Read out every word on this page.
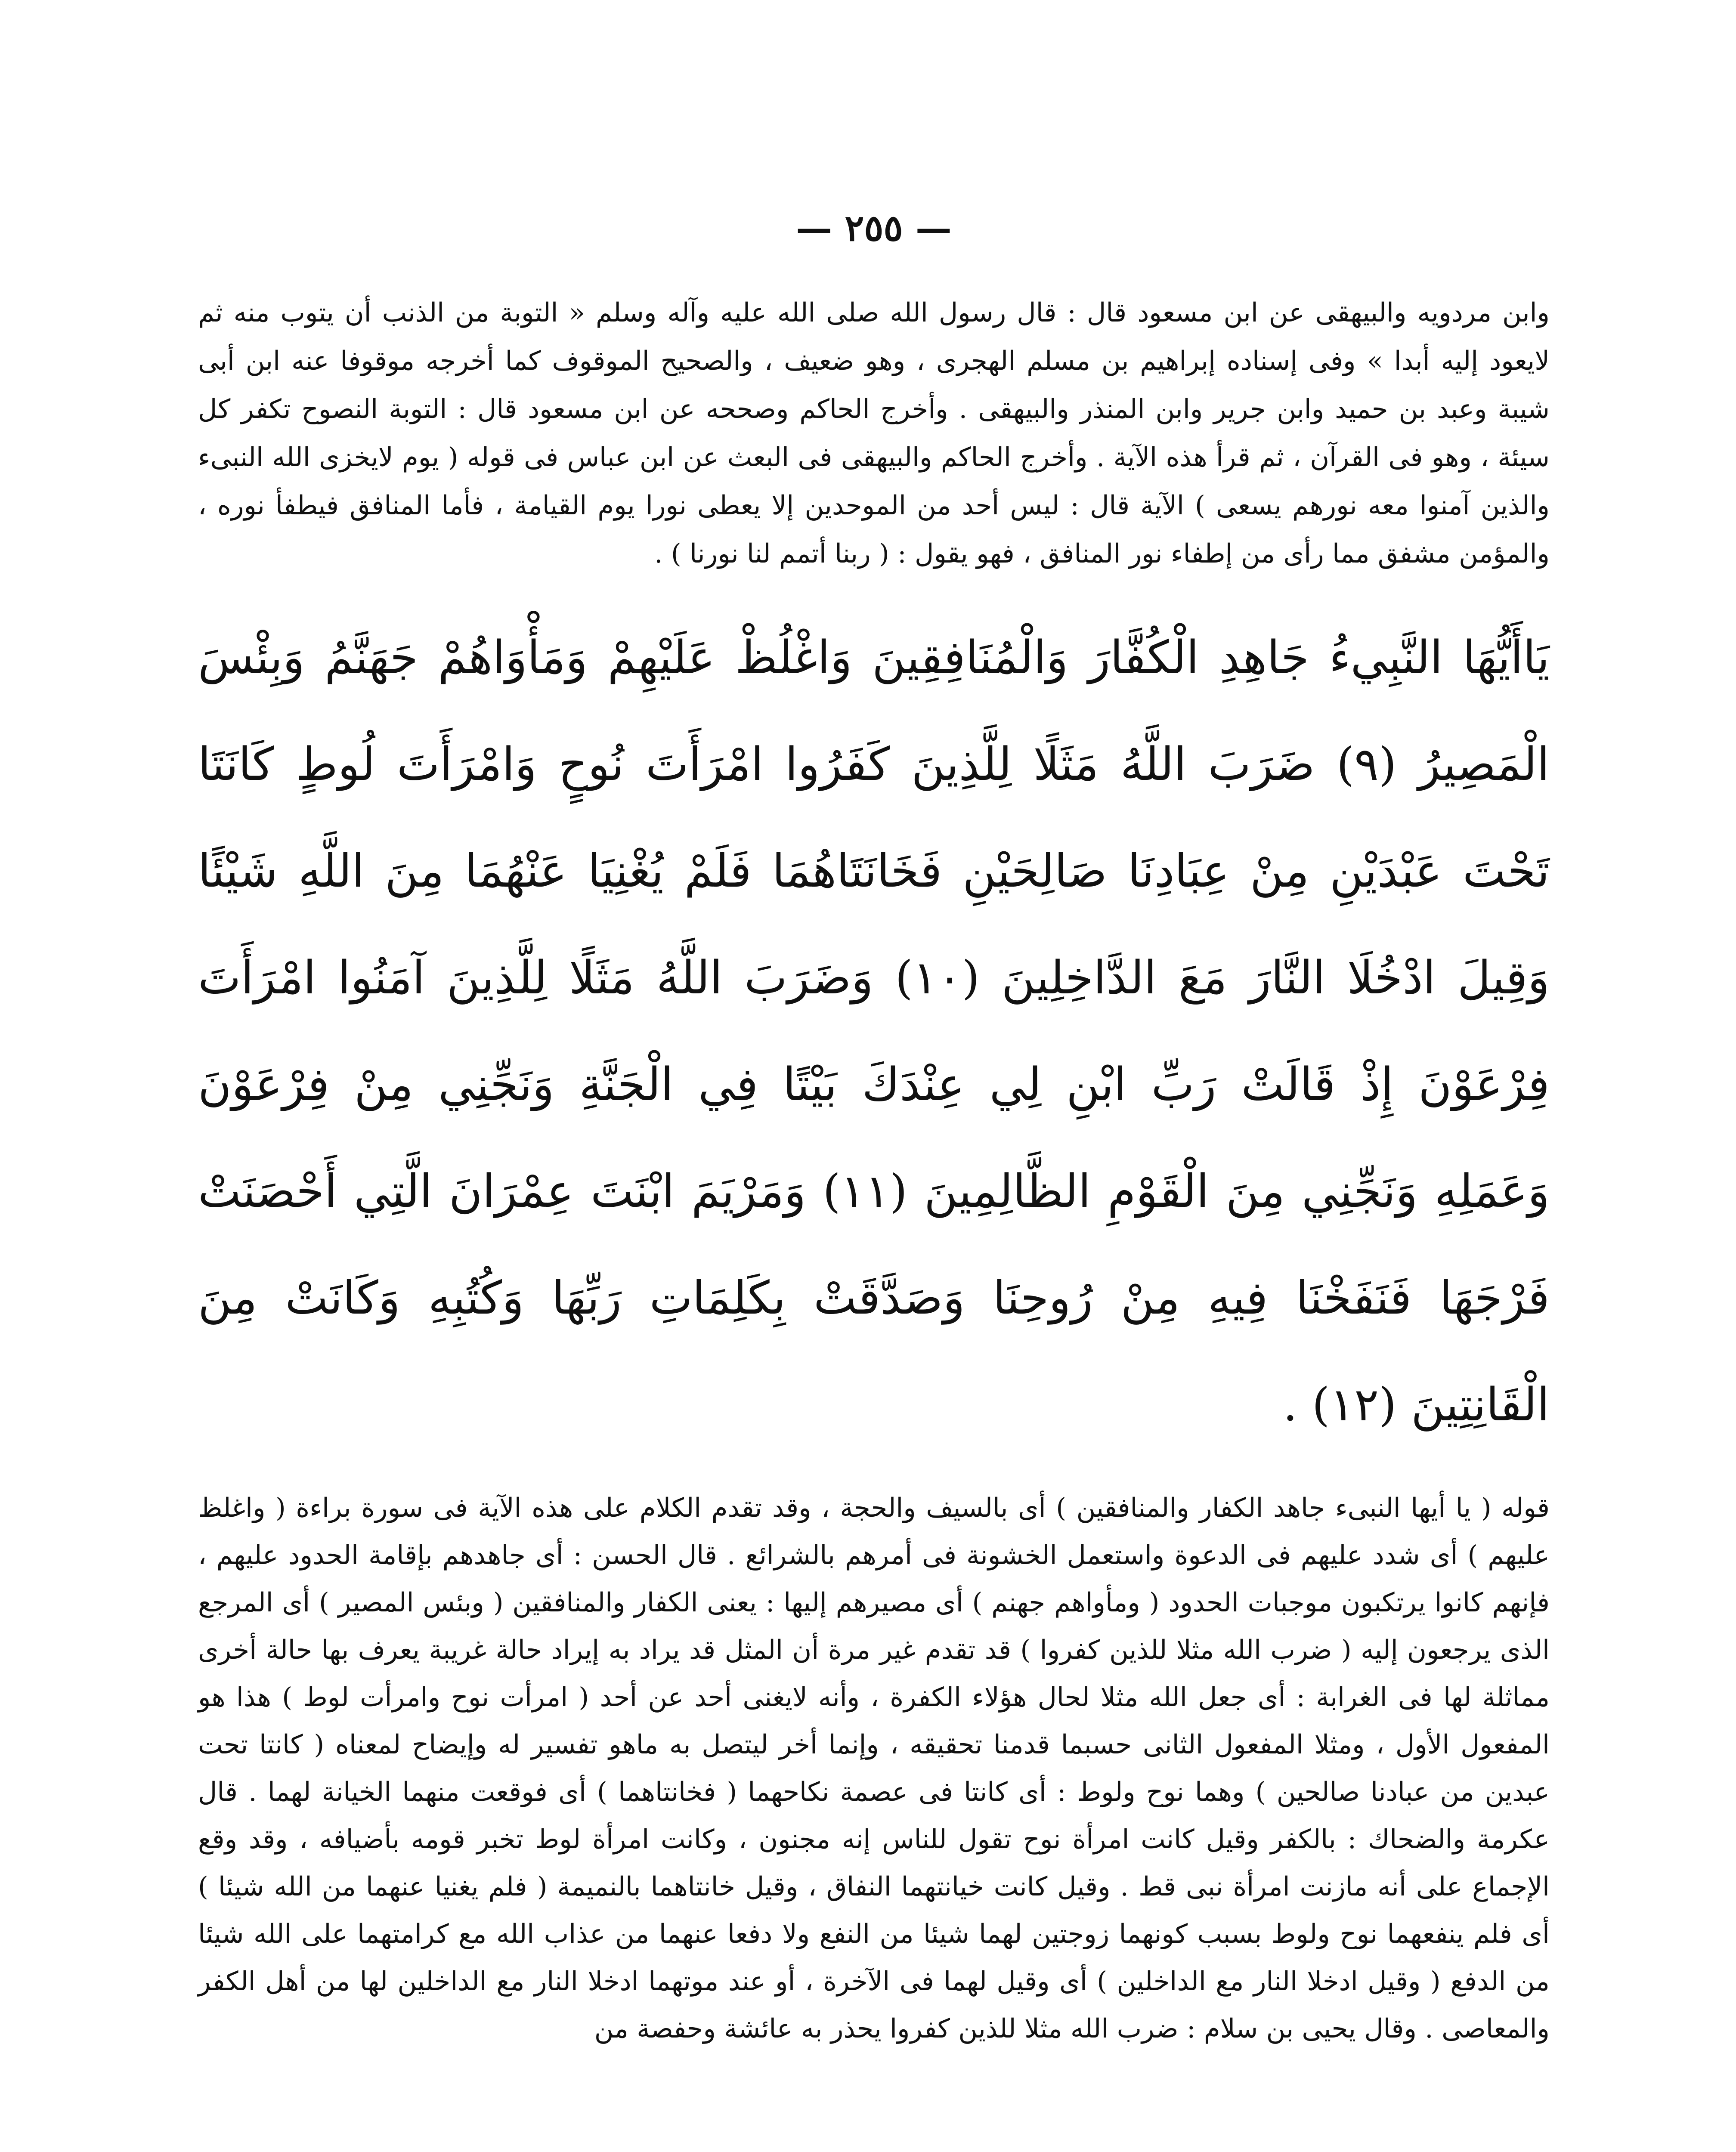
— ٢٥٥ —

وابن مردويه والبيهقى عن ابن مسعود قال : قال رسول الله صلى الله عليه وآله وسلم « التوبة من الذنب أن يتوب منه ثم لايعود إليه أبدا » وفى إسناده إبراهيم بن مسلم الهجرى ، وهو ضعيف ، والصحيح الموقوف كما أخرجه موقوفا عنه ابن أبى شيبة وعبد بن حميد وابن جرير وابن المنذر والبيهقى . وأخرج الحاكم وصححه عن ابن مسعود قال : التوبة النصوح تكفر كل سيئة ، وهو فى القرآن ، ثم قرأ هذه الآية . وأخرج الحاكم والبيهقى فى البعث عن ابن عباس فى قوله ( يوم لايخزى الله النبىء والذين آمنوا معه نورهم يسعى ) الآية قال : ليس أحد من الموحدين إلا يعطى نورا يوم القيامة ، فأما المنافق فيطفأ نوره ، والمؤمن مشفق مما رأى من إطفاء نور المنافق ، فهو يقول : ( ربنا أتمم لنا نورنا ) .

يَاأَيُّهَا النَّبِيءُ جَاهِدِ الْكُفَّارَ وَالْمُنَافِقِينَ وَاغْلُظْ عَلَيْهِمْ وَمَأْوَاهُمْ جَهَنَّمُ وَبِئْسَ الْمَصِيرُ (٩) ضَرَبَ اللَّهُ مَثَلًا لِلَّذِينَ كَفَرُوا امْرَأَتَ نُوحٍ وَامْرَأَتَ لُوطٍ كَانَتَا تَحْتَ عَبْدَيْنِ مِنْ عِبَادِنَا صَالِحَيْنِ فَخَانَتَاهُمَا فَلَمْ يُغْنِيَا عَنْهُمَا مِنَ اللَّهِ شَيْئًا وَقِيلَ ادْخُلَا النَّارَ مَعَ الدَّاخِلِينَ (١٠) وَضَرَبَ اللَّهُ مَثَلًا لِلَّذِينَ آمَنُوا امْرَأَتَ فِرْعَوْنَ إِذْ قَالَتْ رَبِّ ابْنِ لِي عِنْدَكَ بَيْتًا فِي الْجَنَّةِ وَنَجِّنِي مِنْ فِرْعَوْنَ وَعَمَلِهِ وَنَجِّنِي مِنَ الْقَوْمِ الظَّالِمِينَ (١١) وَمَرْيَمَ ابْنَتَ عِمْرَانَ الَّتِي أَحْصَنَتْ فَرْجَهَا فَنَفَخْنَا فِيهِ مِنْ رُوحِنَا وَصَدَّقَتْ بِكَلِمَاتِ رَبِّهَا وَكُتُبِهِ وَكَانَتْ مِنَ الْقَانِتِينَ (١٢) .

قوله ( يا أيها النبىء جاهد الكفار والمنافقين ) أى بالسيف والحجة ، وقد تقدم الكلام على هذه الآية فى سورة براءة ( واغلظ عليهم ) أى شدد عليهم فى الدعوة واستعمل الخشونة فى أمرهم بالشرائع . قال الحسن : أى جاهدهم بإقامة الحدود عليهم ، فإنهم كانوا يرتكبون موجبات الحدود ( ومأواهم جهنم ) أى مصيرهم إليها : يعنى الكفار والمنافقين ( وبئس المصير ) أى المرجع الذى يرجعون إليه ( ضرب الله مثلا للذين كفروا ) قد تقدم غير مرة أن المثل قد يراد به إيراد حالة غريبة يعرف بها حالة أخرى مماثلة لها فى الغرابة : أى جعل الله مثلا لحال هؤلاء الكفرة ، وأنه لايغنى أحد عن أحد ( امرأت نوح وامرأت لوط ) هذا هو المفعول الأول ، ومثلا المفعول الثانى حسبما قدمنا تحقيقه ، وإنما أخر ليتصل به ماهو تفسير له وإيضاح لمعناه ( كانتا تحت عبدين من عبادنا صالحين ) وهما نوح ولوط : أى كانتا فى عصمة نكاحهما ( فخانتاهما ) أى فوقعت منهما الخيانة لهما . قال عكرمة والضحاك : بالكفر وقيل كانت امرأة نوح تقول للناس إنه مجنون ، وكانت امرأة لوط تخبر قومه بأضيافه ، وقد وقع الإجماع على أنه مازنت امرأة نبى قط . وقيل كانت خيانتهما النفاق ، وقيل خانتاهما بالنميمة ( فلم يغنيا عنهما من الله شيئا ) أى فلم ينفعهما نوح ولوط بسبب كونهما زوجتين لهما شيئا من النفع ولا دفعا عنهما من عذاب الله مع كرامتهما على الله شيئا من الدفع ( وقيل ادخلا النار مع الداخلين ) أى وقيل لهما فى الآخرة ، أو عند موتهما ادخلا النار مع الداخلين لها من أهل الكفر والمعاصى . وقال يحيى بن سلام : ضرب الله مثلا للذين كفروا يحذر به عائشة وحفصة من
